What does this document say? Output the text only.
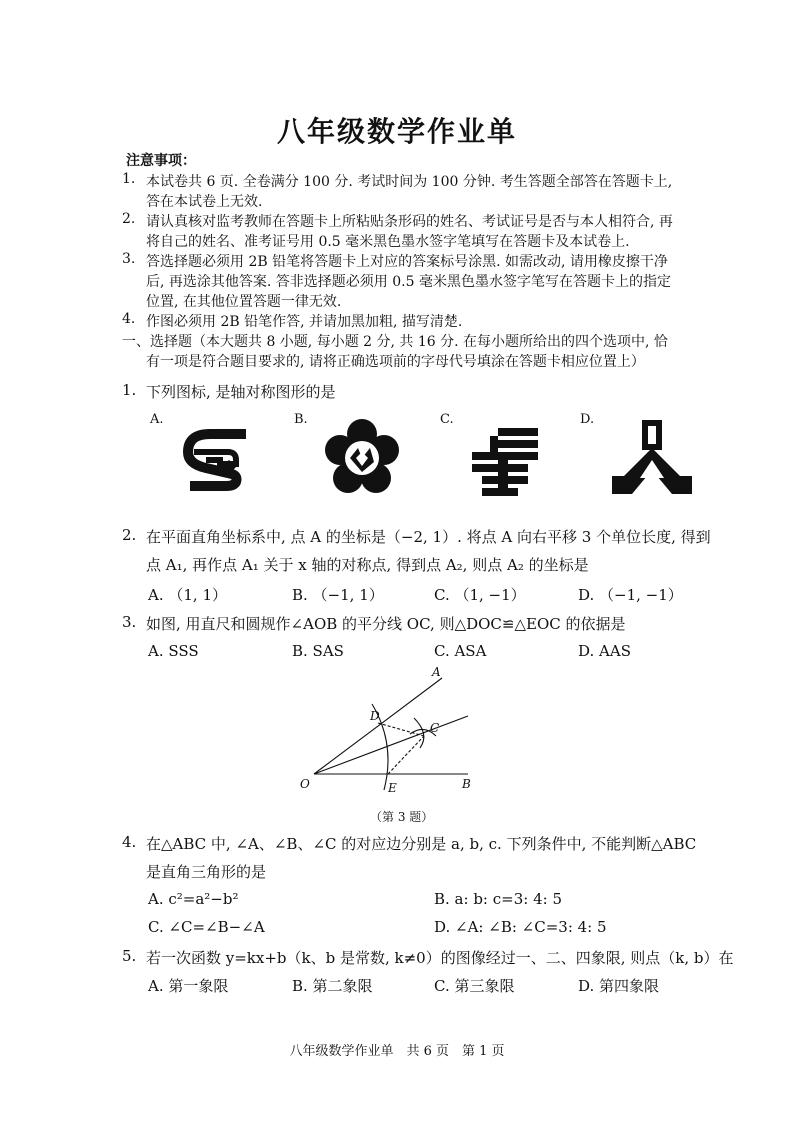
八年级数学作业单
注意事项：
1. 本试卷共 6 页. 全卷满分 100 分. 考试时间为 100 分钟. 考生答题全部答在答题卡上,
答在本试卷上无效.
2. 请认真核对监考教师在答题卡上所粘贴条形码的姓名、考试证号是否与本人相符合, 再
将自己的姓名、准考证号用 0.5 毫米黑色墨水签字笔填写在答题卡及本试卷上.
3. 答选择题必须用 2B 铅笔将答题卡上对应的答案标号涂黑. 如需改动, 请用橡皮擦干净
后, 再选涂其他答案. 答非选择题必须用 0.5 毫米黑色墨水签字笔写在答题卡上的指定
位置, 在其他位置答题一律无效.
4. 作图必须用 2B 铅笔作答, 并请加黑加粗, 描写清楚.
一、选择题（本大题共 8 小题, 每小题 2 分, 共 16 分. 在每小题所给出的四个选项中, 恰
有一项是符合题目要求的, 请将正确选项前的字母代号填涂在答题卡相应位置上）
1. 下列图标, 是轴对称图形的是
A.	B.	C.	D.
2. 在平面直角坐标系中, 点 A 的坐标是（−2, 1）. 将点 A 向右平移 3 个单位长度, 得到
点 A₁, 再作点 A₁ 关于 x 轴的对称点, 得到点 A₂, 则点 A₂ 的坐标是
A. （1, 1）	B. （−1, 1）	C. （1, −1）	D. （−1, −1）
3. 如图, 用直尺和圆规作∠AOB 的平分线 OC, 则△DOC≌△EOC 的依据是
A. SSS	B. SAS	C. ASA	D. AAS
A
D
C
O	E	B
（第 3 题）
4. 在△ABC 中, ∠A、∠B、∠C 的对应边分别是 a, b, c. 下列条件中, 不能判断△ABC
是直角三角形的是
A. c²=a²−b²	B. a: b: c=3: 4: 5
C. ∠C=∠B−∠A	D. ∠A: ∠B: ∠C=3: 4: 5
5. 若一次函数 y=kx+b（k、b 是常数, k≠0）的图像经过一、二、四象限, 则点（k, b）在
A. 第一象限	B. 第二象限	C. 第三象限	D. 第四象限
八年级数学作业单　共 6 页　第 1 页
